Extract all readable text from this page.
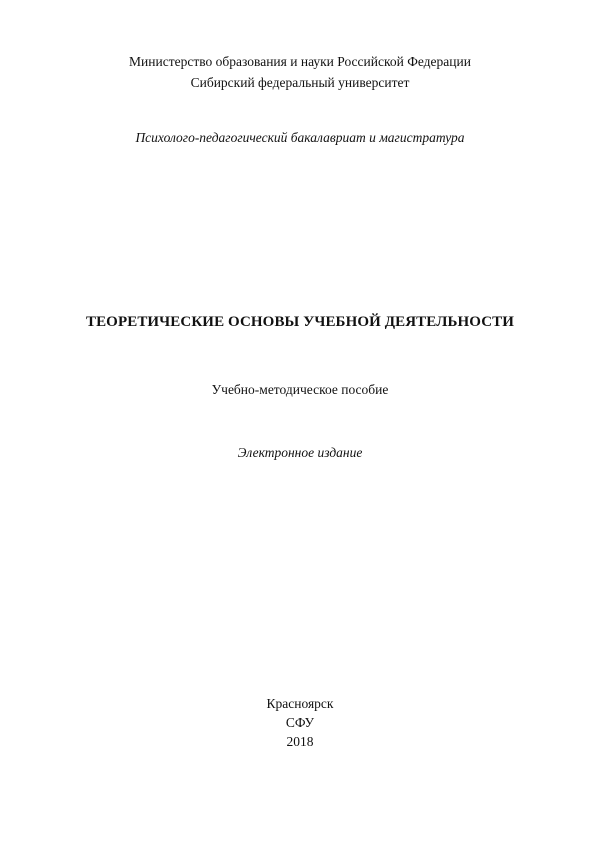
Министерство образования и науки Российской Федерации
Сибирский федеральный университет
Психолого-педагогический бакалавриат и магистратура
ТЕОРЕТИЧЕСКИЕ ОСНОВЫ УЧЕБНОЙ ДЕЯТЕЛЬНОСТИ
Учебно-методическое пособие
Электронное издание
Красноярск
СФУ
2018
